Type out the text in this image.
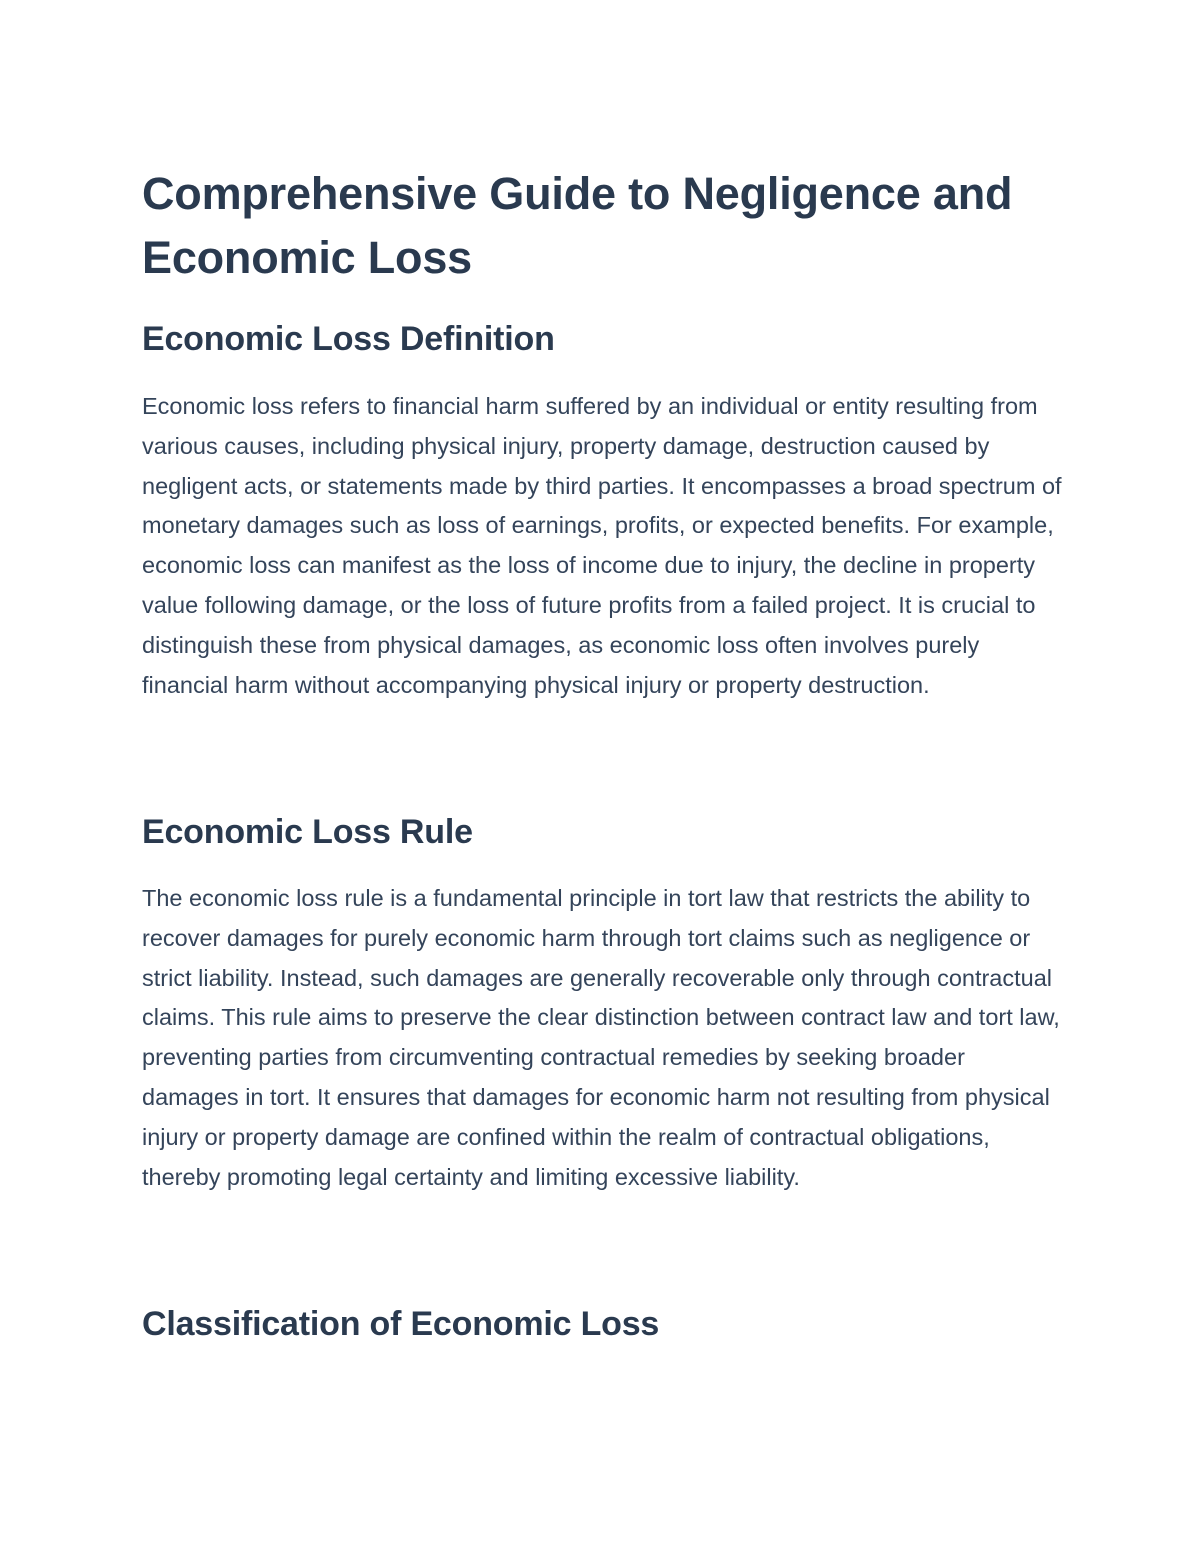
Comprehensive Guide to Negligence and Economic Loss
Economic Loss Definition

Economic loss refers to financial harm suffered by an individual or entity resulting from various causes, including physical injury, property damage, destruction caused by negligent acts, or statements made by third parties. It encompasses a broad spectrum of monetary damages such as loss of earnings, profits, or expected benefits. For example, economic loss can manifest as the loss of income due to injury, the decline in property value following damage, or the loss of future profits from a failed project. It is crucial to distinguish these from physical damages, as economic loss often involves purely financial harm without accompanying physical injury or property destruction.

Economic Loss Rule

The economic loss rule is a fundamental principle in tort law that restricts the ability to recover damages for purely economic harm through tort claims such as negligence or strict liability. Instead, such damages are generally recoverable only through contractual claims. This rule aims to preserve the clear distinction between contract law and tort law, preventing parties from circumventing contractual remedies by seeking broader damages in tort. It ensures that damages for economic harm not resulting from physical injury or property damage are confined within the realm of contractual obligations, thereby promoting legal certainty and limiting excessive liability.

Classification of Economic Loss
